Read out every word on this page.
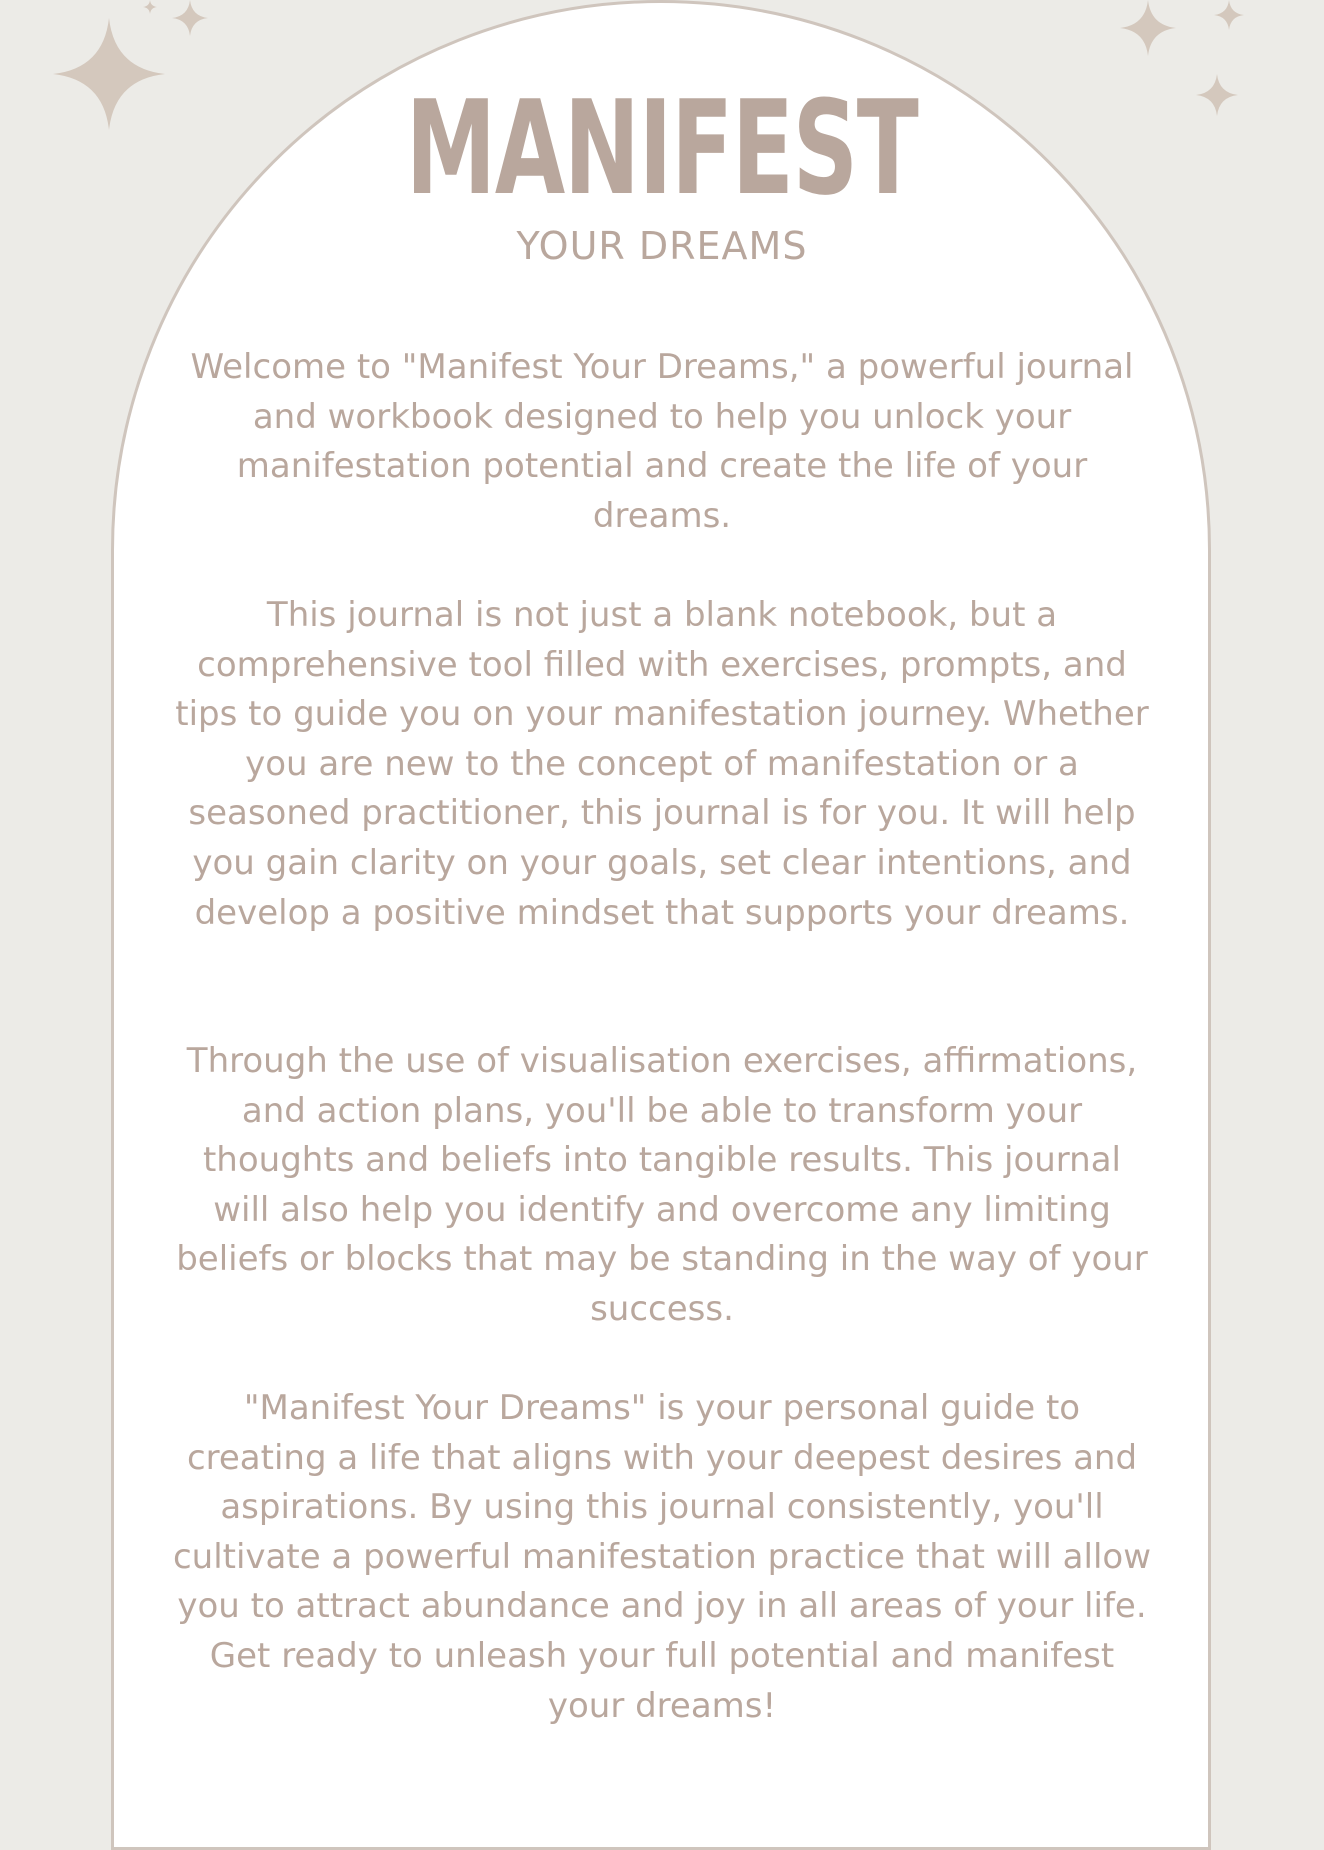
MANIFEST
YOUR DREAMS

Welcome to "Manifest Your Dreams," a powerful journal and workbook designed to help you unlock your manifestation potential and create the life of your dreams.

This journal is not just a blank notebook, but a comprehensive tool filled with exercises, prompts, and tips to guide you on your manifestation journey. Whether you are new to the concept of manifestation or a seasoned practitioner, this journal is for you. It will help you gain clarity on your goals, set clear intentions, and develop a positive mindset that supports your dreams.

Through the use of visualisation exercises, affirmations, and action plans, you'll be able to transform your thoughts and beliefs into tangible results. This journal will also help you identify and overcome any limiting beliefs or blocks that may be standing in the way of your success.

"Manifest Your Dreams" is your personal guide to creating a life that aligns with your deepest desires and aspirations. By using this journal consistently, you'll cultivate a powerful manifestation practice that will allow you to attract abundance and joy in all areas of your life. Get ready to unleash your full potential and manifest your dreams!
